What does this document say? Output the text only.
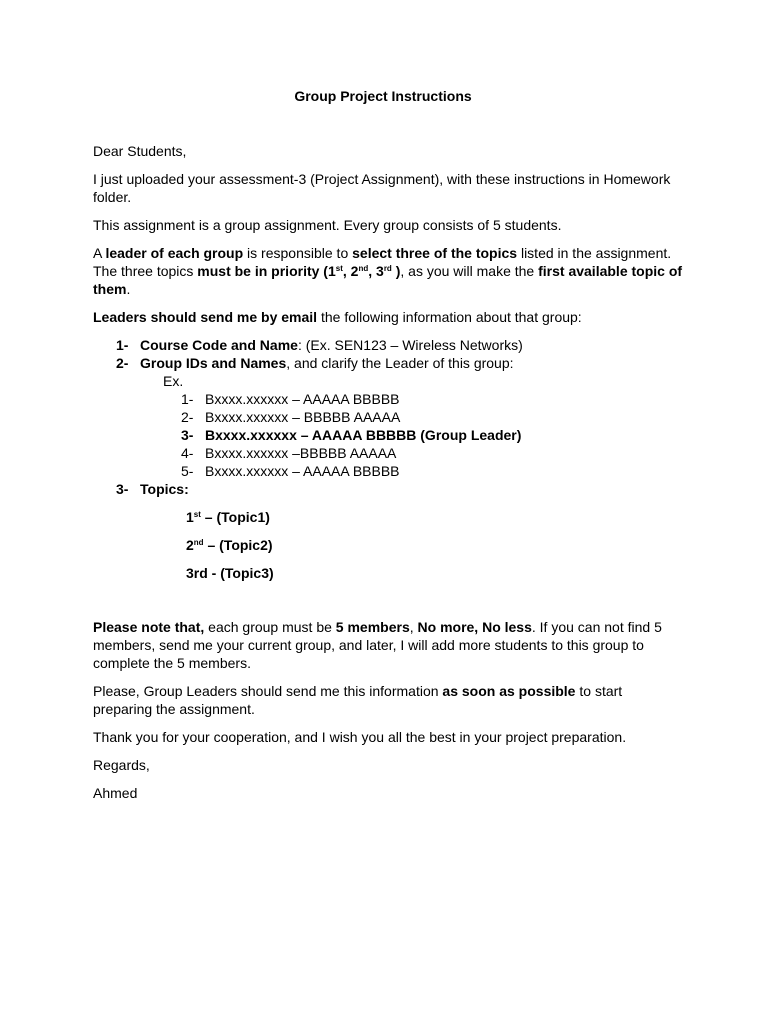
Group Project Instructions

Dear Students,

I just uploaded your assessment-3 (Project Assignment), with these instructions in Homework folder.

This assignment is a group assignment. Every group consists of 5 students.

A leader of each group is responsible to select three of the topics listed in the assignment. The three topics must be in priority (1st, 2nd, 3rd ), as you will make the first available topic of them.

Leaders should send me by email the following information about that group:

1- Course Code and Name: (Ex. SEN123 – Wireless Networks)
2- Group IDs and Names, and clarify the Leader of this group:
Ex.
1- Bxxxx.xxxxxx – AAAAA BBBBB
2- Bxxxx.xxxxxx – BBBBB AAAAA
3- Bxxxx.xxxxxx – AAAAA BBBBB (Group Leader)
4- Bxxxx.xxxxxx –BBBBB AAAAA
5- Bxxxx.xxxxxx – AAAAA BBBBB
3- Topics:
1st – (Topic1)
2nd – (Topic2)
3rd - (Topic3)

Please note that, each group must be 5 members, No more, No less. If you can not find 5 members, send me your current group, and later, I will add more students to this group to complete the 5 members.

Please, Group Leaders should send me this information as soon as possible to start preparing the assignment.

Thank you for your cooperation, and I wish you all the best in your project preparation.

Regards,

Ahmed
